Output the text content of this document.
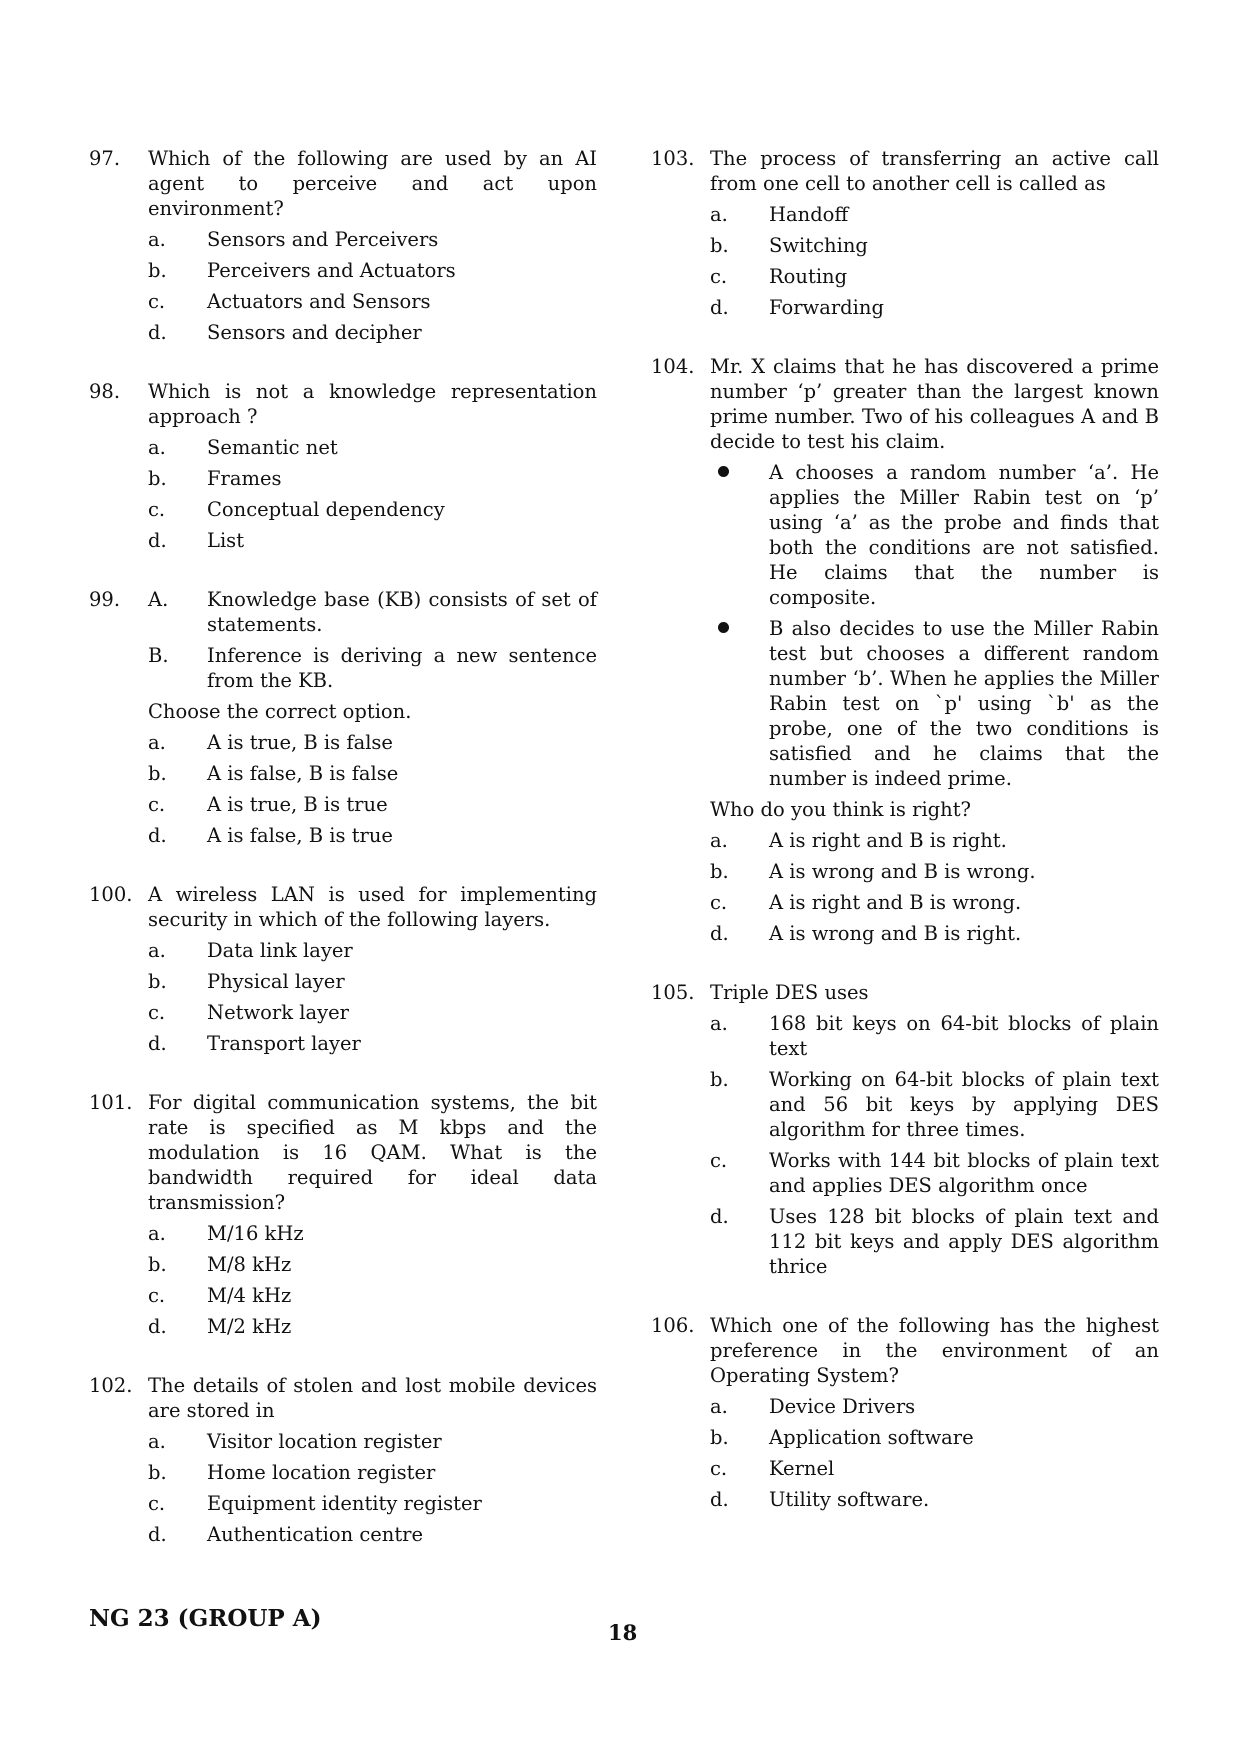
97.	Which of the following are used by an AI agent to perceive and act upon environment?
a.	Sensors and Perceivers
b.	Perceivers and Actuators
c.	Actuators and Sensors
d.	Sensors and decipher
98.	Which is not a knowledge representation approach ?
a.	Semantic net
b.	Frames
c.	Conceptual dependency
d.	List
99.	A.	Knowledge base (KB) consists of set of statements.
B.	Inference is deriving a new sentence from the KB.
Choose the correct option.
a.	A is true, B is false
b.	A is false, B is false
c.	A is true, B is true
d.	A is false, B is true
100. A wireless LAN is used for implementing security in which of the following layers.
a.	Data link layer
b.	Physical layer
c.	Network layer
d.	Transport layer
101. For digital communication systems, the bit rate is specified as M kbps and the modulation is 16 QAM. What is the bandwidth required for ideal data transmission?
a.	M/16 kHz
b.	M/8 kHz
c.	M/4 kHz
d.	M/2 kHz
102. The details of stolen and lost mobile devices are stored in
a.	Visitor location register
b.	Home location register
c.	Equipment identity register
d.	Authentication centre
103. The process of transferring an active call from one cell to another cell is called as
a.	Handoff
b.	Switching
c.	Routing
d.	Forwarding
104. Mr. X claims that he has discovered a prime number ‘p’ greater than the largest known prime number. Two of his colleagues A and B decide to test his claim.
A chooses a random number ‘a’. He applies the Miller Rabin test on ‘p’ using ‘a’ as the probe and finds that both the conditions are not satisfied. He claims that the number is composite.
B also decides to use the Miller Rabin test but chooses a different random number ‘b’. When he applies the Miller Rabin test on `p' using `b' as the probe, one of the two conditions is satisfied and he claims that the number is indeed prime.
Who do you think is right?
a.	A is right and B is right.
b.	A is wrong and B is wrong.
c.	A is right and B is wrong.
d.	A is wrong and B is right.
105. Triple DES uses
a.	168 bit keys on 64-bit blocks of plain text
b.	Working on 64-bit blocks of plain text and 56 bit keys by applying DES algorithm for three times.
c.	Works with 144 bit blocks of plain text and applies DES algorithm once
d.	Uses 128 bit blocks of plain text and 112 bit keys and apply DES algorithm thrice
106. Which one of the following has the highest preference in the environment of an Operating System?
a.	Device Drivers
b.	Application software
c.	Kernel
d.	Utility software.
NG 23 (GROUP A)
18
